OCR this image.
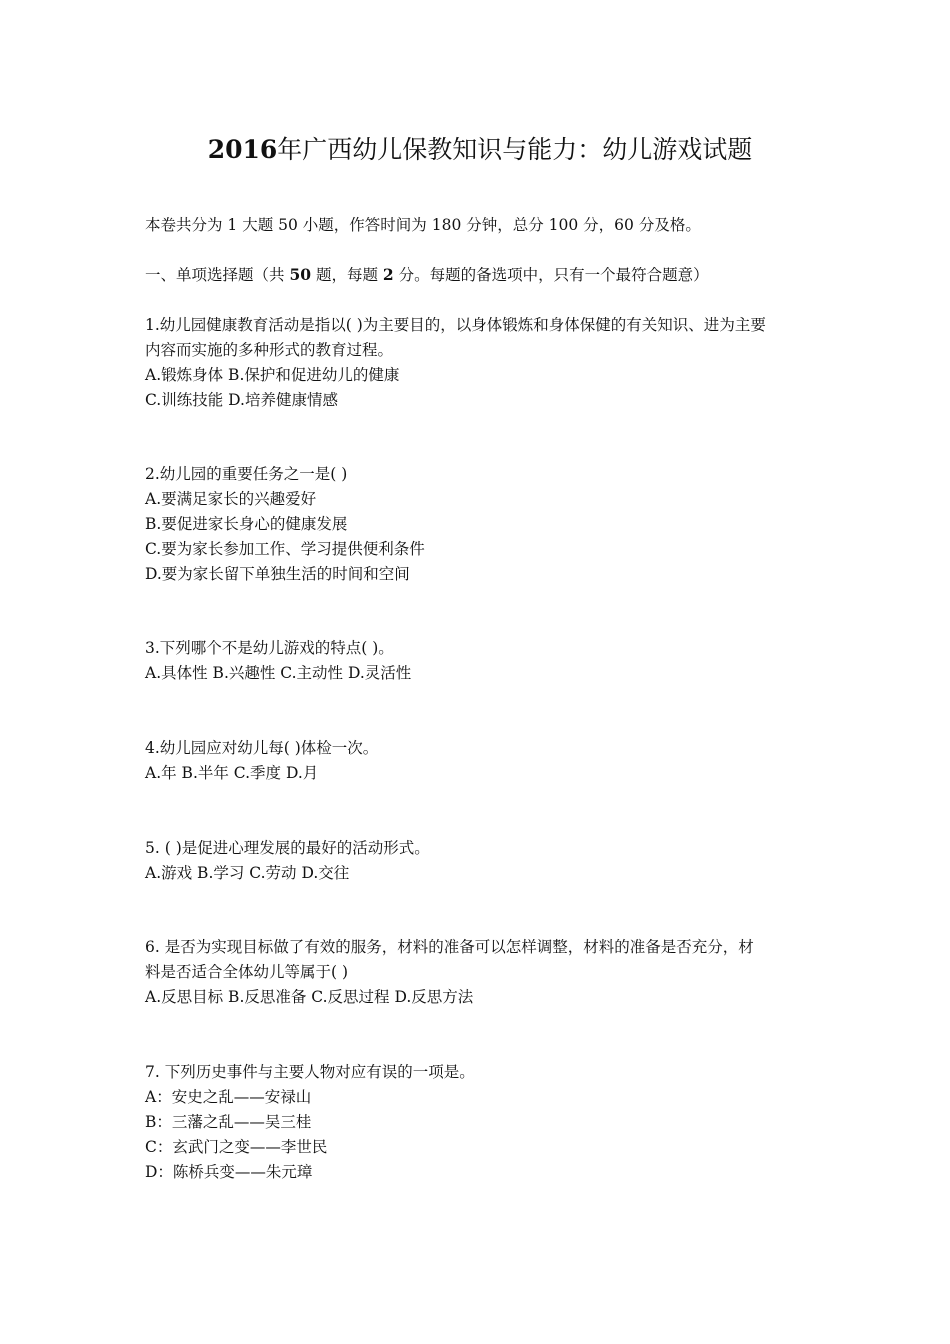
2016年广西幼儿保教知识与能力：幼儿游戏试题
本卷共分为 1 大题 50 小题，作答时间为 180 分钟，总分 100 分，60 分及格。
一、单项选择题（共 50 题，每题 2 分。每题的备选项中，只有一个最符合题意）
1.幼儿园健康教育活动是指以( )为主要目的，以身体锻炼和身体保健的有关知识、进为主要
内容而实施的多种形式的教育过程。
A.锻炼身体 B.保护和促进幼儿的健康
C.训练技能 D.培养健康情感
2.幼儿园的重要任务之一是( )
A.要满足家长的兴趣爱好
B.要促进家长身心的健康发展
C.要为家长参加工作、学习提供便利条件
D.要为家长留下单独生活的时间和空间
3.下列哪个不是幼儿游戏的特点( )。
A.具体性 B.兴趣性 C.主动性 D.灵活性
4.幼儿园应对幼儿每( )体检一次。
A.年 B.半年 C.季度 D.月
5. ( )是促进心理发展的最好的活动形式。
A.游戏 B.学习 C.劳动 D.交往
6. 是否为实现目标做了有效的服务，材料的准备可以怎样调整，材料的准备是否充分，材
料是否适合全体幼儿等属于( )
A.反思目标 B.反思准备 C.反思过程 D.反思方法
7. 下列历史事件与主要人物对应有误的一项是。
A：安史之乱——安禄山
B：三藩之乱——吴三桂
C：玄武门之变——李世民
D：陈桥兵变——朱元璋
